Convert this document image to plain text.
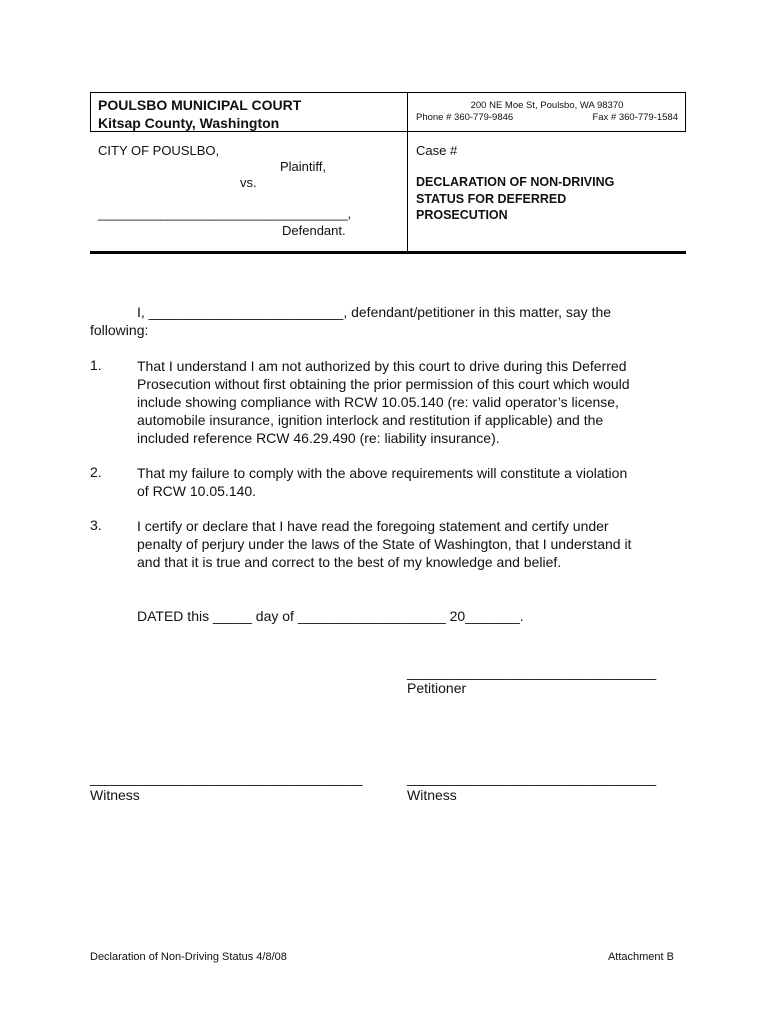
POULSBO MUNICIPAL COURT
Kitsap County, Washington
200 NE Moe St, Poulsbo, WA 98370
Phone # 360-779-9846	Fax # 360-779-1584
CITY OF POUSLBO,
Plaintiff,
vs.
____________________________________,
Defendant.
Case #
DECLARATION OF NON-DRIVING
STATUS FOR DEFERRED
PROSECUTION
I, _________________________, defendant/petitioner in this matter, say the
following:
1.	That I understand I am not authorized by this court to drive during this Deferred
Prosecution without first obtaining the prior permission of this court which would
include showing compliance with RCW 10.05.140 (re: valid operator’s license,
automobile insurance, ignition interlock and restitution if applicable) and the
included reference RCW 46.29.490 (re: liability insurance).
2.	That my failure to comply with the above requirements will constitute a violation
of RCW 10.05.140.
3.	I certify or declare that I have read the foregoing statement and certify under
penalty of perjury under the laws of the State of Washington, that I understand it
and that it is true and correct to the best of my knowledge and belief.
DATED this _____ day of ___________________ 20_______.
________________________________
Petitioner
___________________________________
Witness
________________________________
Witness
Declaration of Non-Driving Status 4/8/08	Attachment B
